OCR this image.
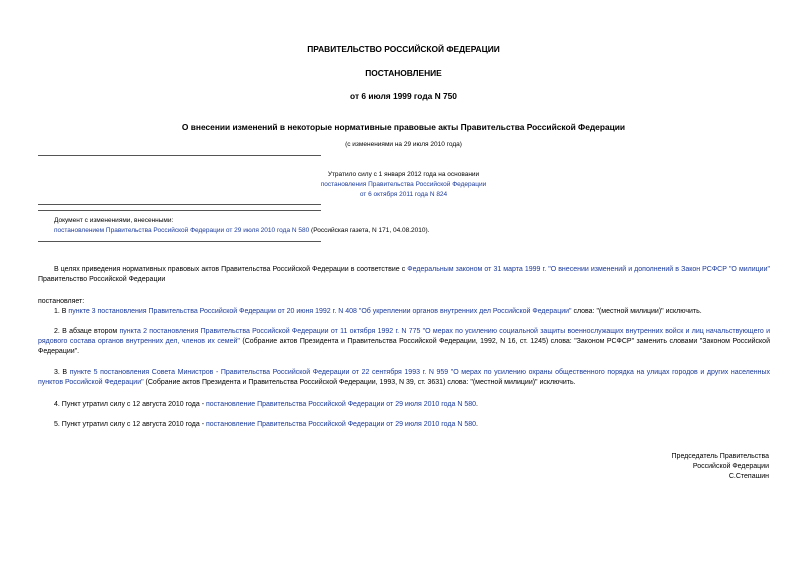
ПРАВИТЕЛЬСТВО РОССИЙСКОЙ ФЕДЕРАЦИИ
ПОСТАНОВЛЕНИЕ
от 6 июля 1999 года N 750
О внесении изменений в некоторые нормативные правовые акты Правительства Российской Федерации
(с изменениями на 29 июля 2010 года)
Утратило силу с 1 января 2012 года на основании
постановления Правительства Российской Федерации
от 6 октября 2011 года N 824
Документ с изменениями, внесенными:
постановлением Правительства Российской Федерации от 29 июля 2010 года N 580 (Российская газета, N 171, 04.08.2010).
В целях приведения нормативных правовых актов Правительства Российской Федерации в соответствие с Федеральным законом от 31 марта 1999 г. "О внесении изменений и дополнений в Закон РСФСР "О милиции" Правительство Российской Федерации
постановляет:
1. В пункте 3 постановления Правительства Российской Федерации от 20 июня 1992 г. N 408 "Об укреплении органов внутренних дел Российской Федерации" слова: "(местной милиции)" исключить.
2. В абзаце втором пункта 2 постановления Правительства Российской Федерации от 11 октября 1992 г. N 775 "О мерах по усилению социальной защиты военнослужащих внутренних войск и лиц начальствующего и рядового состава органов внутренних дел, членов их семей" (Собрание актов Президента и Правительства Российской Федерации, 1992, N 16, ст. 1245) слова: "Законом РСФСР" заменить словами "Законом Российской Федерации".
3. В пункте 5 постановления Совета Министров - Правительства Российской Федерации от 22 сентября 1993 г. N 959 "О мерах по усилению охраны общественного порядка на улицах городов и других населенных пунктов Российской Федерации" (Собрание актов Президента и Правительства Российской Федерации, 1993, N 39, ст. 3631) слова: "(местной милиции)" исключить.
4. Пункт утратил силу с 12 августа 2010 года - постановление Правительства Российской Федерации от 29 июля 2010 года N 580.
5. Пункт утратил силу с 12 августа 2010 года - постановление Правительства Российской Федерации от 29 июля 2010 года N 580.
Председатель Правительства
Российской Федерации
С.Степашин
